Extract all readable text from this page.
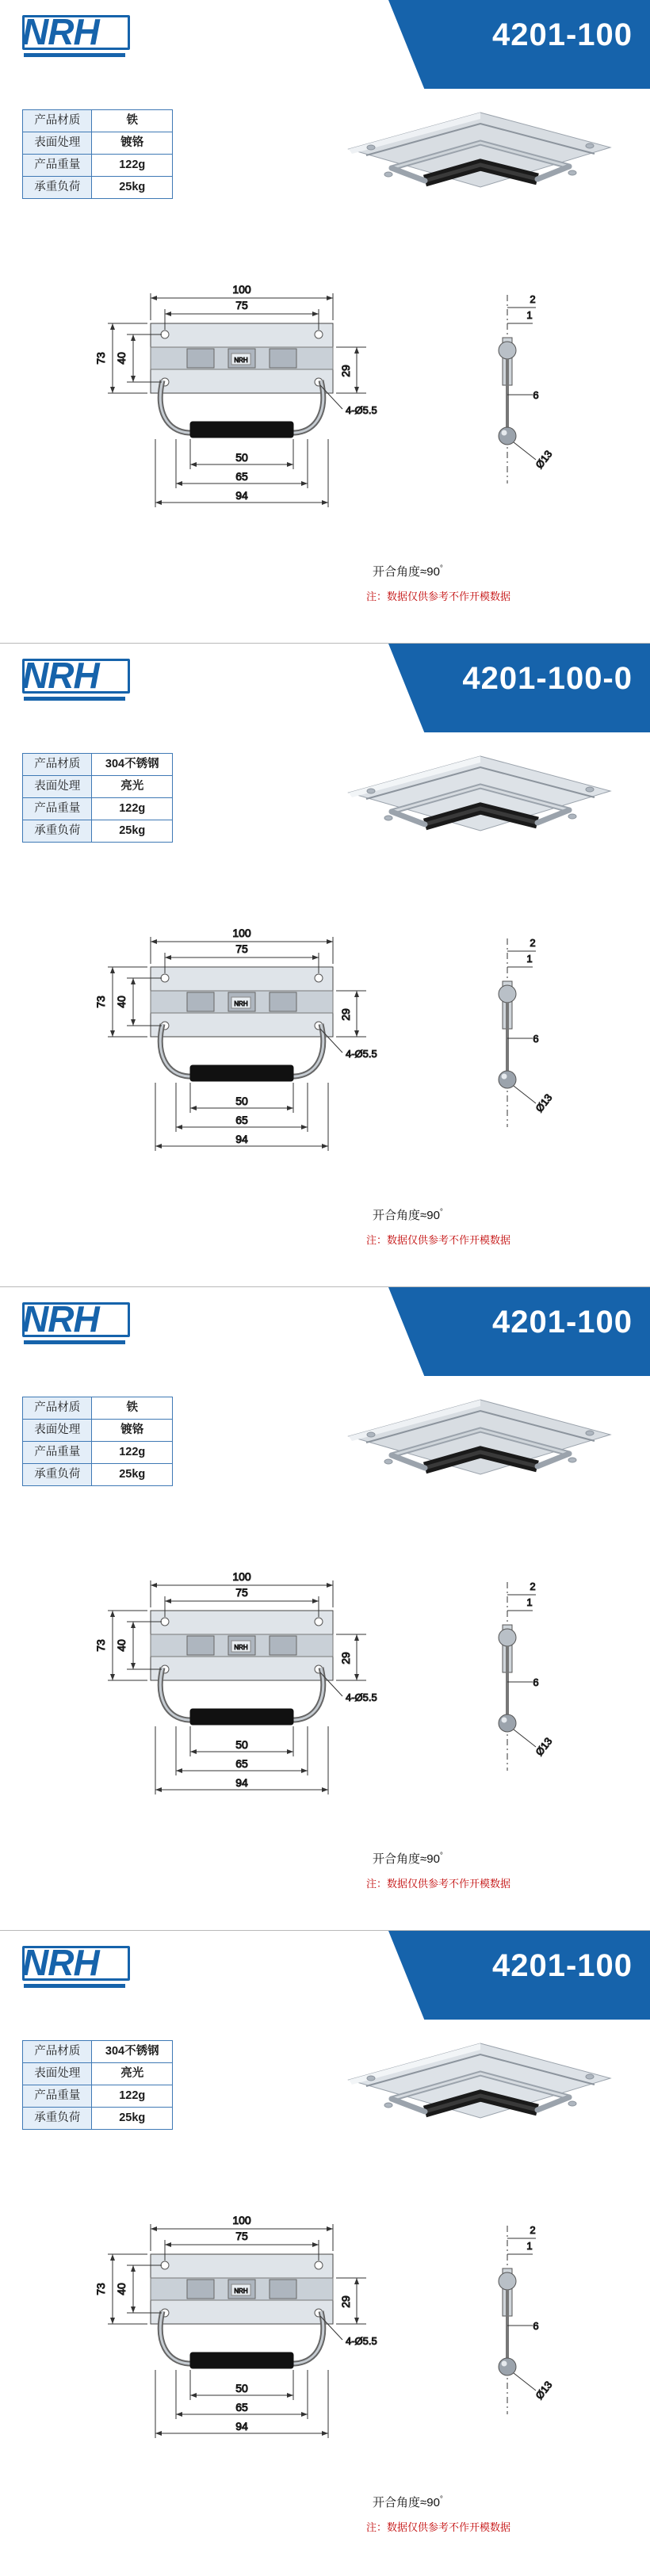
NRH	4201-100
产品材质	铁
表面处理	镀铬
产品重量	122g
承重负荷	25kg
NRH
100
75
73 40
29
4-Ø5.5
50
65
94
2
1
6
Ø13
开合角度≈90°
注：数据仅供参考不作开模数据
NRH	4201-100-0
产品材质	304不锈钢
表面处理	亮光
产品重量	122g
承重负荷	25kg
NRH
100
75
73 40
29
4-Ø5.5
50
65
94
2
1
6
Ø13
开合角度≈90°
注：数据仅供参考不作开模数据
NRH	4201-100
产品材质	铁
表面处理	镀铬
产品重量	122g
承重负荷	25kg
NRH
100
75
73 40
29
4-Ø5.5
50
65
94
2
1
6
Ø13
开合角度≈90°
注：数据仅供参考不作开模数据
NRH	4201-100
产品材质	304不锈钢
表面处理	亮光
产品重量	122g
承重负荷	25kg
NRH
100
75
73 40
29
4-Ø5.5
50
65
94
2
1
6
Ø13
开合角度≈90°
注：数据仅供参考不作开模数据
